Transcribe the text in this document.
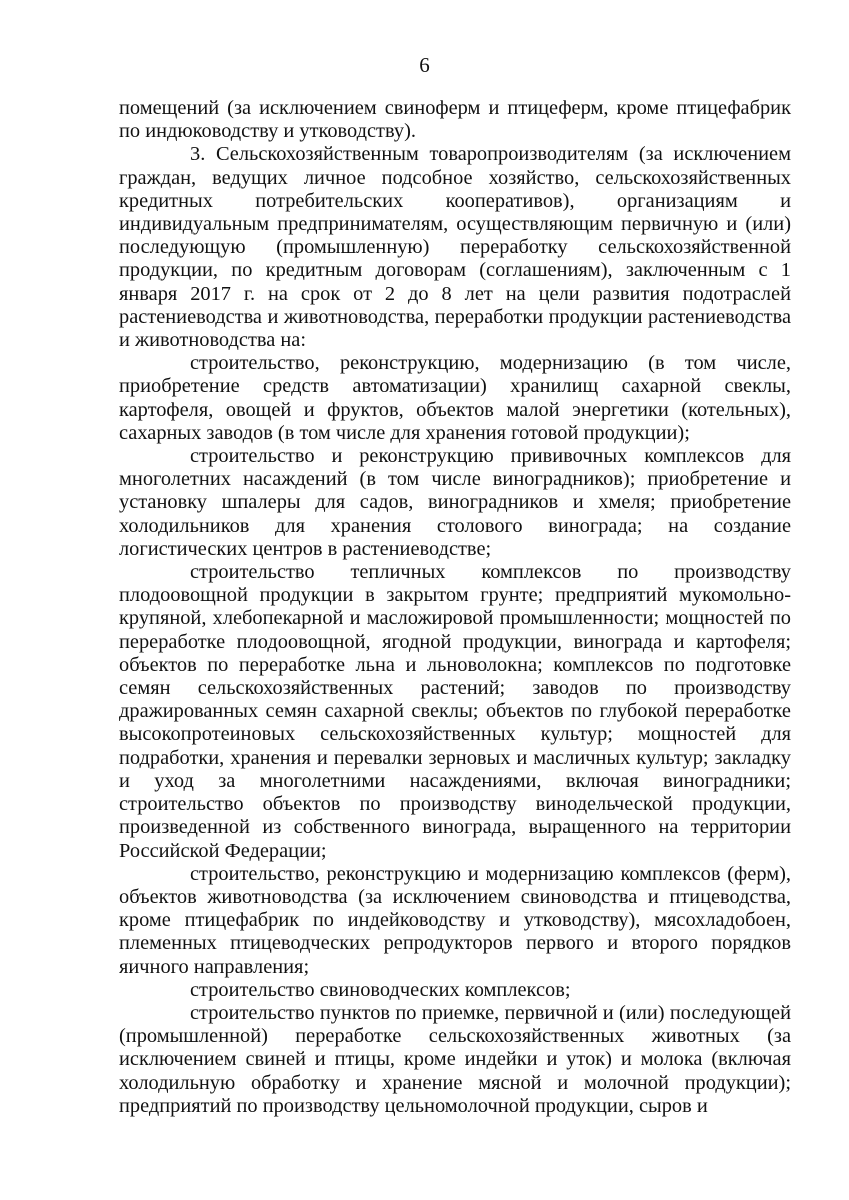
6

помещений (за исключением свиноферм и птицеферм, кроме птицефабрик по индюководству и утководству).

3. Сельскохозяйственным товаропроизводителям (за исключением граждан, ведущих личное подсобное хозяйство, сельскохозяйственных кредитных потребительских кооперативов), организациям и индивидуальным предпринимателям, осуществляющим первичную и (или) последующую (промышленную) переработку сельскохозяйственной продукции, по кредитным договорам (соглашениям), заключенным с 1 января 2017 г. на срок от 2 до 8 лет на цели развития подотраслей растениеводства и животноводства, переработки продукции растениеводства и животноводства на:

строительство, реконструкцию, модернизацию (в том числе, приобретение средств автоматизации) хранилищ сахарной свеклы, картофеля, овощей и фруктов, объектов малой энергетики (котельных), сахарных заводов (в том числе для хранения готовой продукции);

строительство и реконструкцию прививочных комплексов для многолетних насаждений (в том числе виноградников); приобретение и установку шпалеры для садов, виноградников и хмеля; приобретение холодильников для хранения столового винограда; на создание логистических центров в растениеводстве;

строительство тепличных комплексов по производству плодоовощной продукции в закрытом грунте; предприятий мукомольно-крупяной, хлебопекарной и масложировой промышленности; мощностей по переработке плодоовощной, ягодной продукции, винограда и картофеля; объектов по переработке льна и льноволокна; комплексов по подготовке семян сельскохозяйственных растений; заводов по производству дражированных семян сахарной свеклы; объектов по глубокой переработке высокопротеиновых сельскохозяйственных культур; мощностей для подработки, хранения и перевалки зерновых и масличных культур; закладку и уход за многолетними насаждениями, включая виноградники; строительство объектов по производству винодельческой продукции, произведенной из собственного винограда, выращенного на территории Российской Федерации;

строительство, реконструкцию и модернизацию комплексов (ферм), объектов животноводства (за исключением свиноводства и птицеводства, кроме птицефабрик по индейководству и утководству), мясохладобоен, племенных птицеводческих репродукторов первого и второго порядков яичного направления;

строительство свиноводческих комплексов;

строительство пунктов по приемке, первичной и (или) последующей (промышленной) переработке сельскохозяйственных животных (за исключением свиней и птицы, кроме индейки и уток) и молока (включая холодильную обработку и хранение мясной и молочной продукции); предприятий по производству цельномолочной продукции, сыров и
